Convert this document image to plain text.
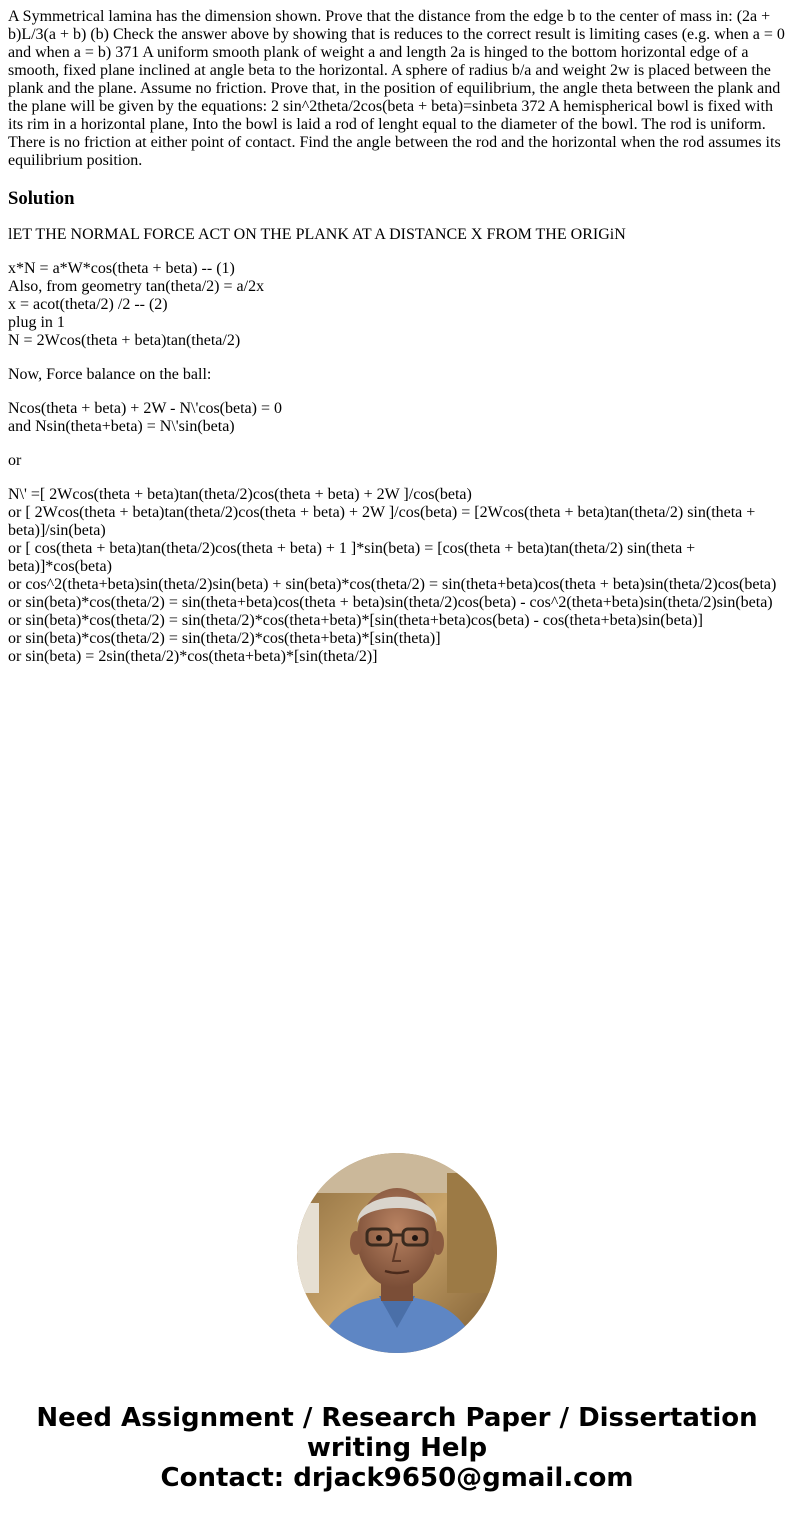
A Symmetrical lamina has the dimension shown. Prove that the distance from the edge b to the center of mass in: (2a + b)L/3(a + b) (b) Check the answer above by showing that is reduces to the correct result is limiting cases (e.g. when a = 0 and when a = b) 371 A uniform smooth plank of weight a and length 2a is hinged to the bottom horizontal edge of a smooth, fixed plane inclined at angle beta to the horizontal. A sphere of radius b/a and weight 2w is placed between the plank and the plane. Assume no friction. Prove that, in the position of equilibrium, the angle theta between the plank and the plane will be given by the equations: 2 sin^2theta/2cos(beta + beta)=sinbeta 372 A hemispherical bowl is fixed with its rim in a horizontal plane, Into the bowl is laid a rod of lenght equal to the diameter of the bowl. The rod is uniform. There is no friction at either point of contact. Find the angle between the rod and the horizontal when the rod assumes its equilibrium position.

Solution

lET THE NORMAL FORCE ACT ON THE PLANK AT A DISTANCE X FROM THE ORIGiN

x*N = a*W*cos(theta + beta) -- (1)
Also, from geometry tan(theta/2) = a/2x
x = acot(theta/2) /2 -- (2)
plug in 1
N = 2Wcos(theta + beta)tan(theta/2)

Now, Force balance on the ball:

Ncos(theta + beta) + 2W - N\'cos(beta) = 0
and Nsin(theta+beta) = N\'sin(beta)

or

N\' =[ 2Wcos(theta + beta)tan(theta/2)cos(theta + beta) + 2W ]/cos(beta)
or [ 2Wcos(theta + beta)tan(theta/2)cos(theta + beta) + 2W ]/cos(beta) = [2Wcos(theta + beta)tan(theta/2) sin(theta + beta)]/sin(beta)
or [ cos(theta + beta)tan(theta/2)cos(theta + beta) + 1 ]*sin(beta) = [cos(theta + beta)tan(theta/2) sin(theta + beta)]*cos(beta)
or cos^2(theta+beta)sin(theta/2)sin(beta) + sin(beta)*cos(theta/2) = sin(theta+beta)cos(theta + beta)sin(theta/2)cos(beta)
or sin(beta)*cos(theta/2) = sin(theta+beta)cos(theta + beta)sin(theta/2)cos(beta) - cos^2(theta+beta)sin(theta/2)sin(beta)
or sin(beta)*cos(theta/2) = sin(theta/2)*cos(theta+beta)*[sin(theta+beta)cos(beta) - cos(theta+beta)sin(beta)]
or sin(beta)*cos(theta/2) = sin(theta/2)*cos(theta+beta)*[sin(theta)]
or sin(beta) = 2sin(theta/2)*cos(theta+beta)*[sin(theta/2)]

Need Assignment / Research Paper / Dissertation
writing Help
Contact: drjack9650@gmail.com
